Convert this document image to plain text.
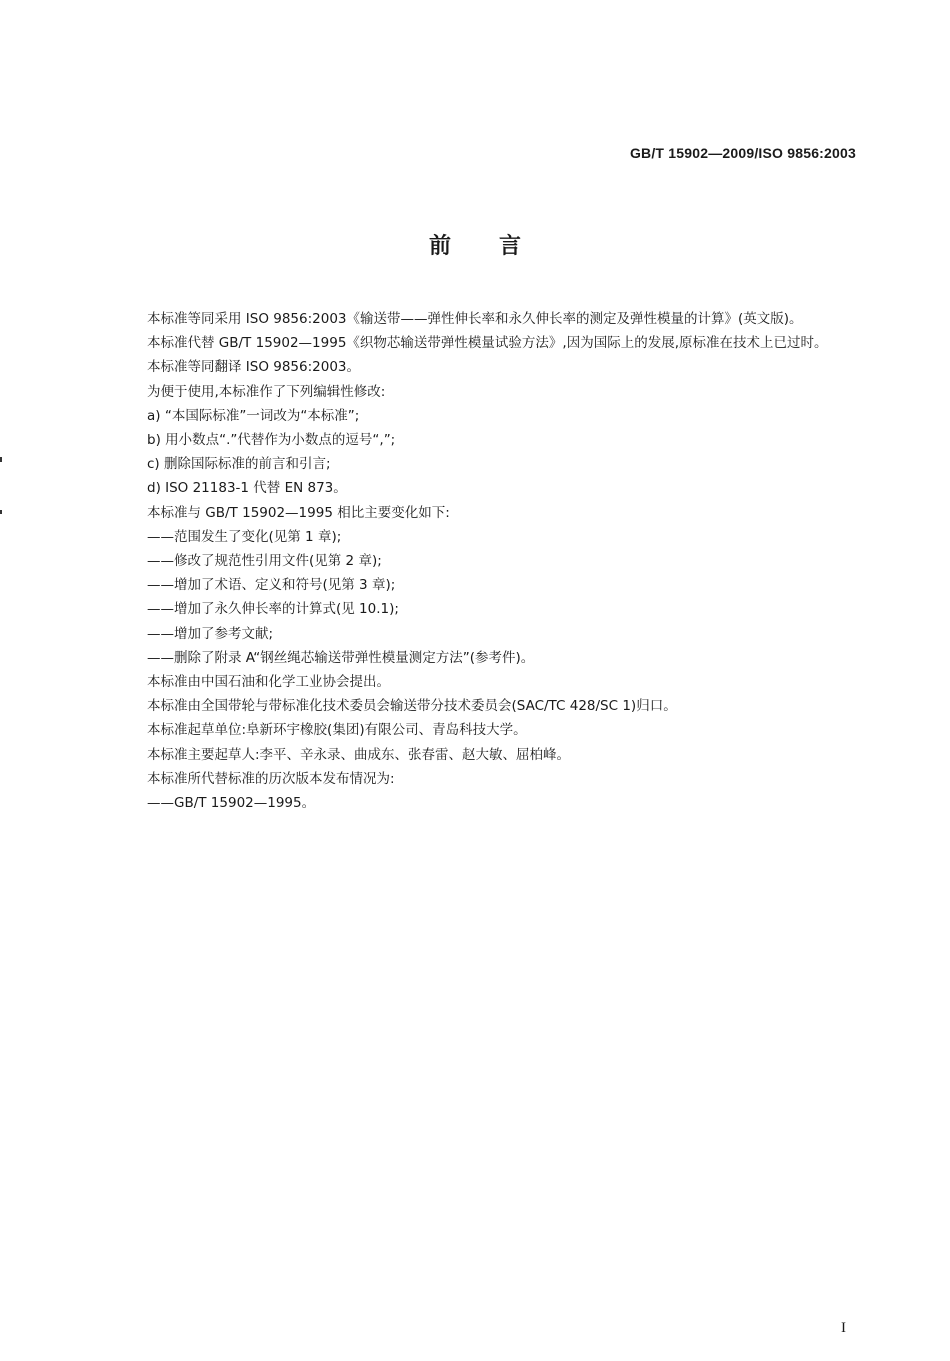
GB/T 15902—2009/ISO 9856:2003
前言

本标准等同采用 ISO 9856:2003《输送带——弹性伸长率和永久伸长率的测定及弹性模量的计算》(英文版)。

本标准代替 GB/T 15902—1995《织物芯输送带弹性模量试验方法》,因为国际上的发展,原标准在技术上已过时。

本标准等同翻译 ISO 9856:2003。

为便于使用,本标准作了下列编辑性修改:

a) “本国际标准”一词改为“本标准”;

b) 用小数点“.”代替作为小数点的逗号“,”;

c) 删除国际标准的前言和引言;

d) ISO 21183-1 代替 EN 873。

本标准与 GB/T 15902—1995 相比主要变化如下:

——范围发生了变化(见第 1 章);

——修改了规范性引用文件(见第 2 章);

——增加了术语、定义和符号(见第 3 章);

——增加了永久伸长率的计算式(见 10.1);

——增加了参考文献;

——删除了附录 A“钢丝绳芯输送带弹性模量测定方法”(参考件)。

本标准由中国石油和化学工业协会提出。

本标准由全国带轮与带标准化技术委员会输送带分技术委员会(SAC/TC 428/SC 1)归口。

本标准起草单位:阜新环宇橡胶(集团)有限公司、青岛科技大学。

本标准主要起草人:李平、辛永录、曲成东、张春雷、赵大敏、屈柏峰。

本标准所代替标准的历次版本发布情况为:

——GB/T 15902—1995。

I
